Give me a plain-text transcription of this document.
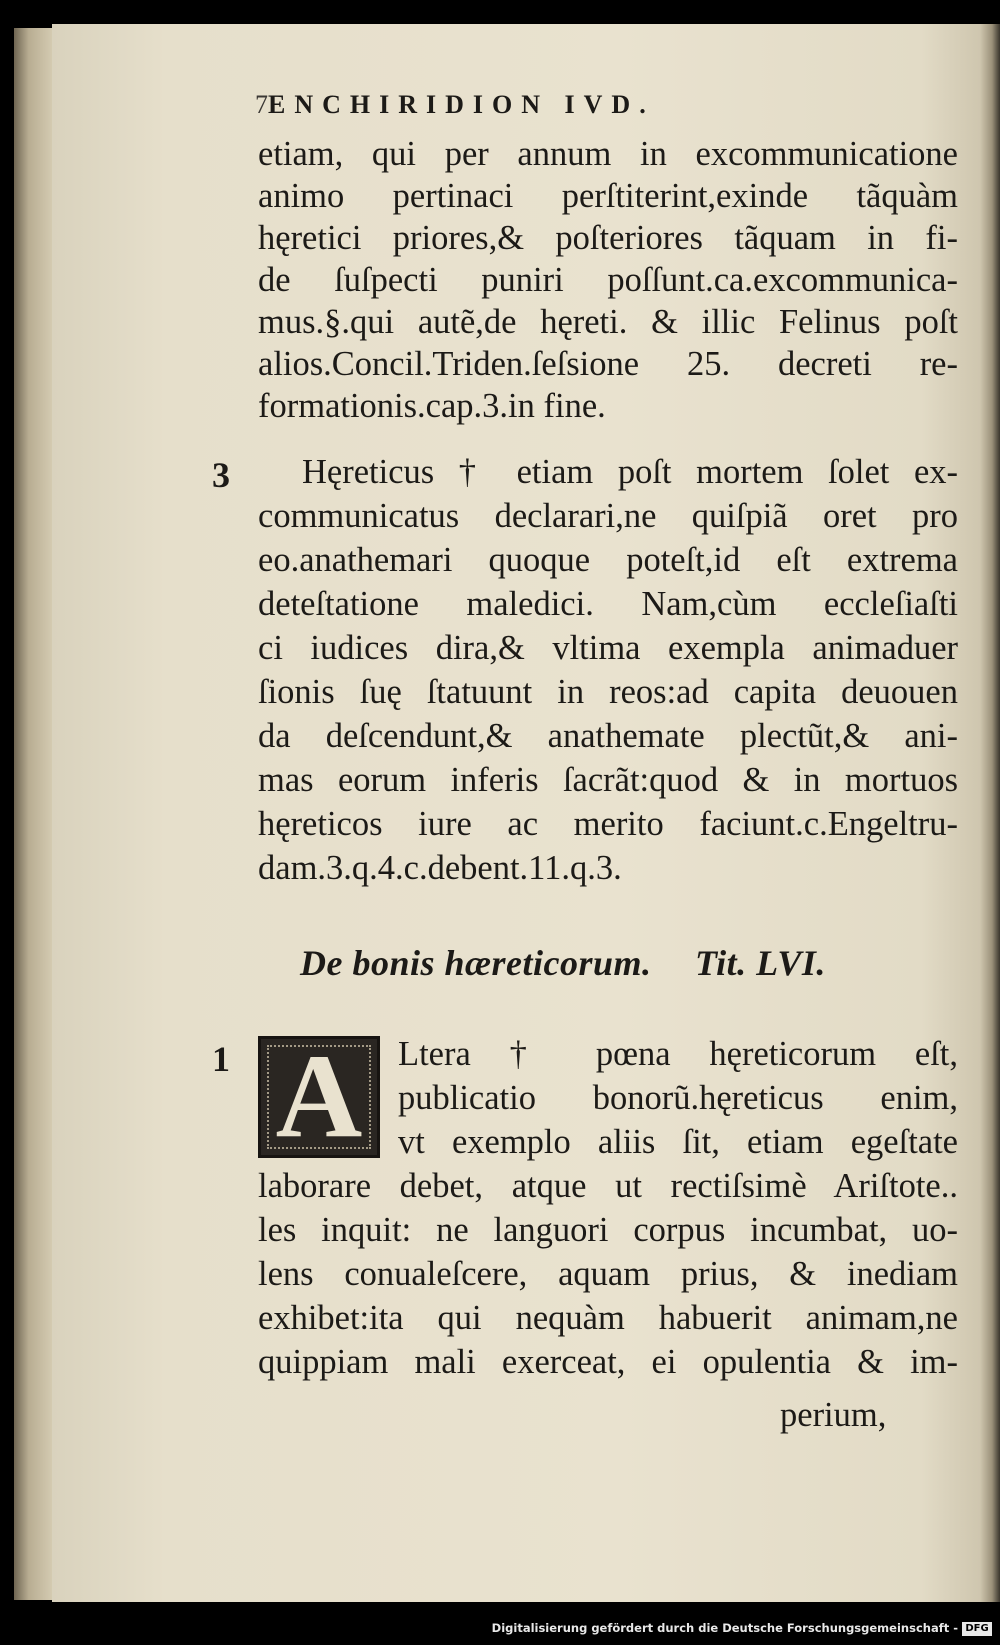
7 ENCHIRIDION IVD.
etiam, qui per annum in excommunicatione
animo pertinaci perſtiterint,exinde tãquàm
hęretici priores,& poſteriores tãquam in fi-
de ſuſpecti puniri poſſunt.ca.excommunica-
mus.§.qui autẽ,de hęreti. & illic Felinus poſt
alios.Concil.Triden.ſeſsione 25. decreti re-
formationis.cap.3.in fine.
3 Hęreticus † etiam poſt mortem ſolet ex-
communicatus declarari,ne quiſpiã oret pro
eo.anathemari quoque poteſt,id eſt extrema
deteſtatione maledici. Nam,cùm eccleſiaſti
ci iudices dira,& vltima exempla animaduer
ſionis ſuę ſtatuunt in reos:ad capita deuouen
da deſcendunt,& anathemate plectũt,& ani-
mas eorum inferis ſacrãt:quod & in mortuos
hęreticos iure ac merito faciunt.c.Engeltru-
dam.3.q.4.c.debent.11.q.3.
De bonis hæreticorum. Tit. LVI.
1 A	Ltera † pœna hęreticorum eſt,
publicatio bonorũ.hęreticus enim,
vt exemplo aliis ſit, etiam egeſtate
laborare debet, atque ut rectiſsimè Ariſtote..
les inquit: ne languori corpus incumbat, uo-
lens conualeſcere, aquam prius, & inediam
exhibet:ita qui nequàm habuerit animam,ne
quippiam mali exerceat, ei opulentia & im-
perium,
Digitalisierung gefördert durch die Deutsche Forschungsgemeinschaft - DFG
